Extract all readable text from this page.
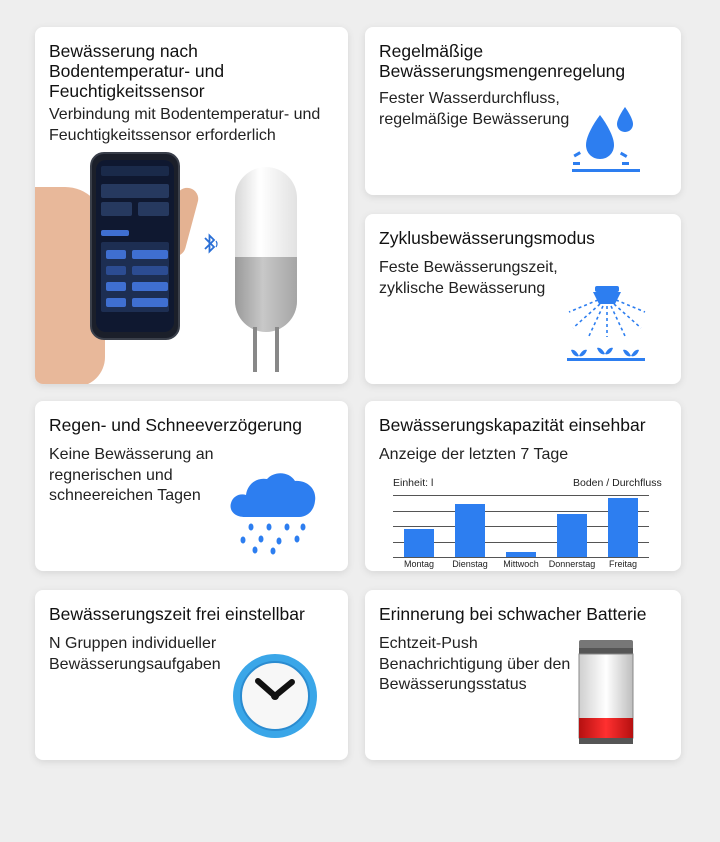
Bewässerung nach Bodentemperatur- und Feuchtigkeitssensor

Verbindung mit Bodentemperatur- und Feuchtigkeitssensor erforderlich

Regelmäßige Bewässerungsmengenregelung

Fester Wasserdurchfluss, regelmäßige Bewässerung

Zyklusbewässerungsmodus

Feste Bewässerungszeit, zyklische Bewässerung

Regen- und Schneeverzögerung

Keine Bewässerung an regnerischen und schneereichen Tagen

Bewässerungskapazität einsehbar

Anzeige der letzten 7 Tage

Einheit: l	Boden / Durchfluss
Montag	Dienstag	Mittwoch	Donnerstag	Freitag
Bewässerungszeit frei einstellbar

N Gruppen individueller Bewässerungsaufgaben

Erinnerung bei schwacher Batterie

Echtzeit-Push Benachrichtigung über den Bewässerungsstatus
